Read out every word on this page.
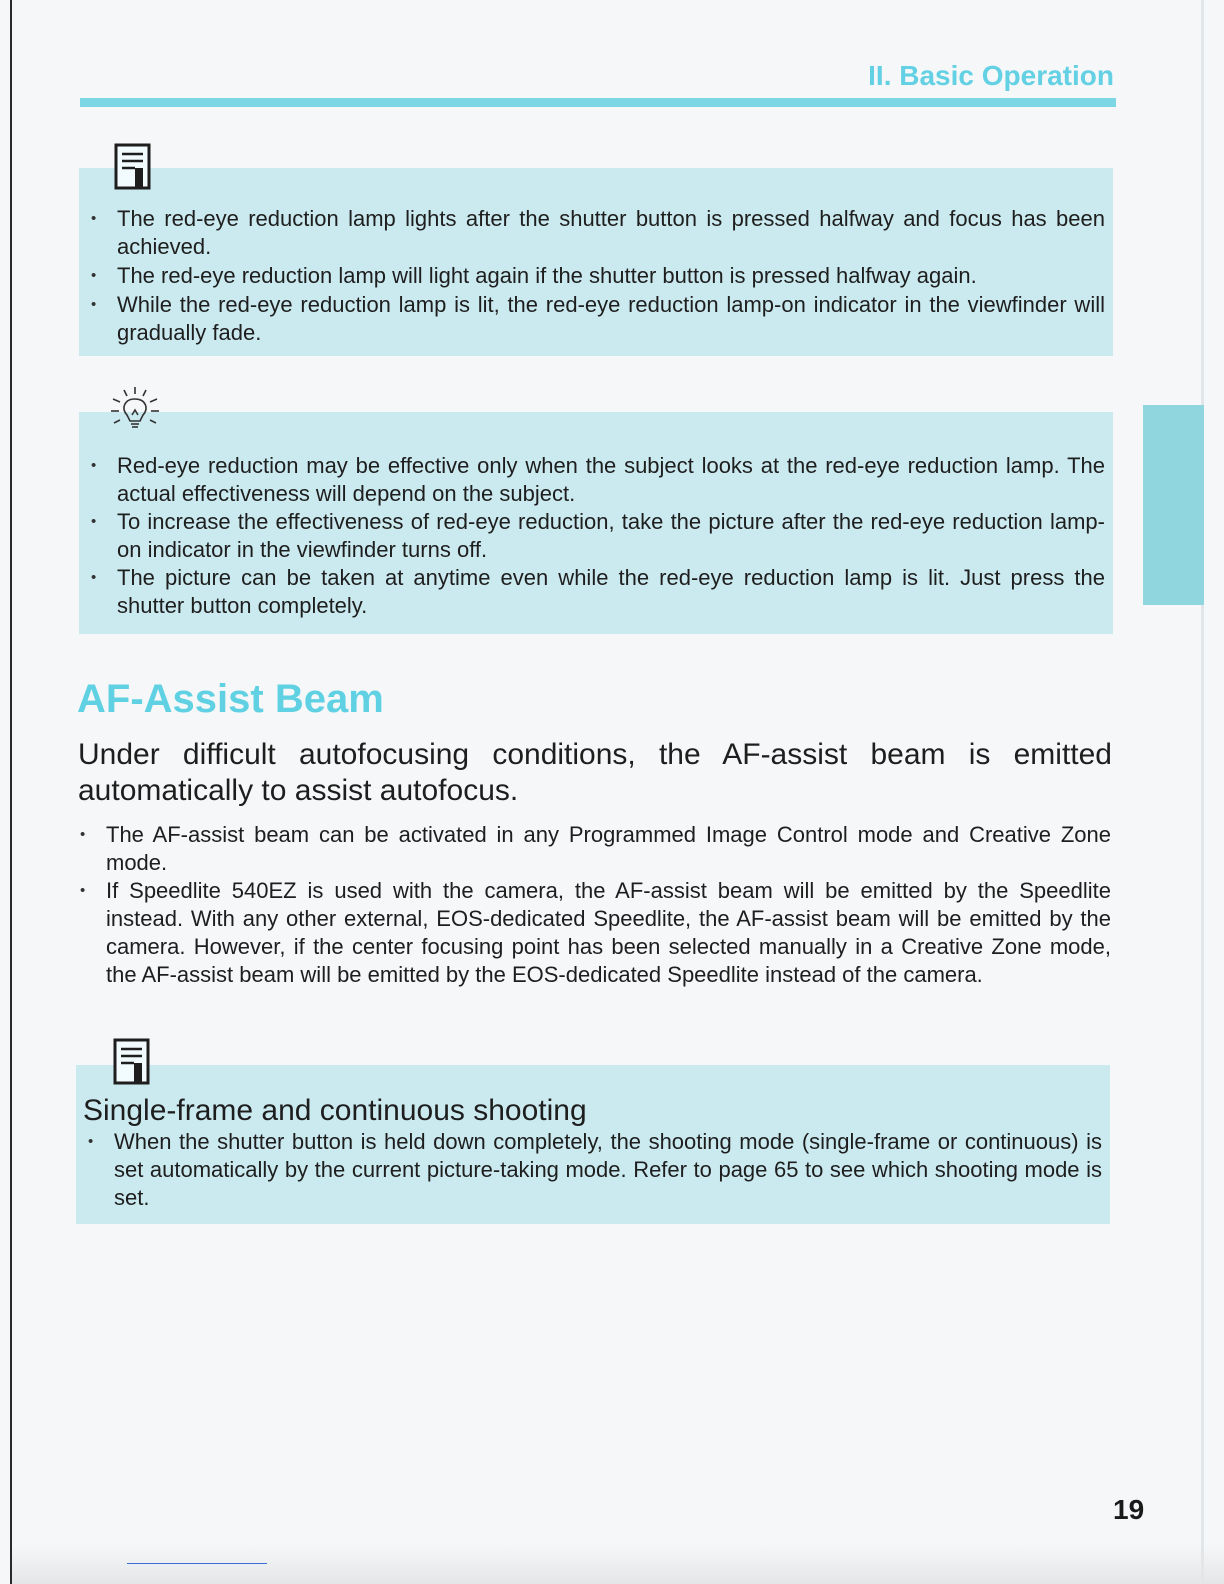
II. Basic Operation
• The red-eye reduction lamp lights after the shutter button is pressed halfway and focus has been achieved.
• The red-eye reduction lamp will light again if the shutter button is pressed halfway again.
• While the red-eye reduction lamp is lit, the red-eye reduction lamp-on indicator in the viewfinder will gradually fade.
• Red-eye reduction may be effective only when the subject looks at the red-eye reduction lamp. The actual effectiveness will depend on the subject.
• To increase the effectiveness of red-eye reduction, take the picture after the red-eye reduction lamp-on indicator in the viewfinder turns off.
• The picture can be taken at anytime even while the red-eye reduction lamp is lit. Just press the shutter button completely.
AF-Assist Beam
Under difficult autofocusing conditions, the AF-assist beam is emitted automatically to assist autofocus.
• The AF-assist beam can be activated in any Programmed Image Control mode and Creative Zone mode.
• If Speedlite 540EZ is used with the camera, the AF-assist beam will be emitted by the Speedlite instead. With any other external, EOS-dedicated Speedlite, the AF-assist beam will be emitted by the camera. However, if the center focusing point has been selected manually in a Creative Zone mode, the AF-assist beam will be emitted by the EOS-dedicated Speedlite instead of the camera.
Single-frame and continuous shooting
• When the shutter button is held down completely, the shooting mode (single-frame or continuous) is set automatically by the current picture-taking mode. Refer to page 65 to see which shooting mode is set.
19
